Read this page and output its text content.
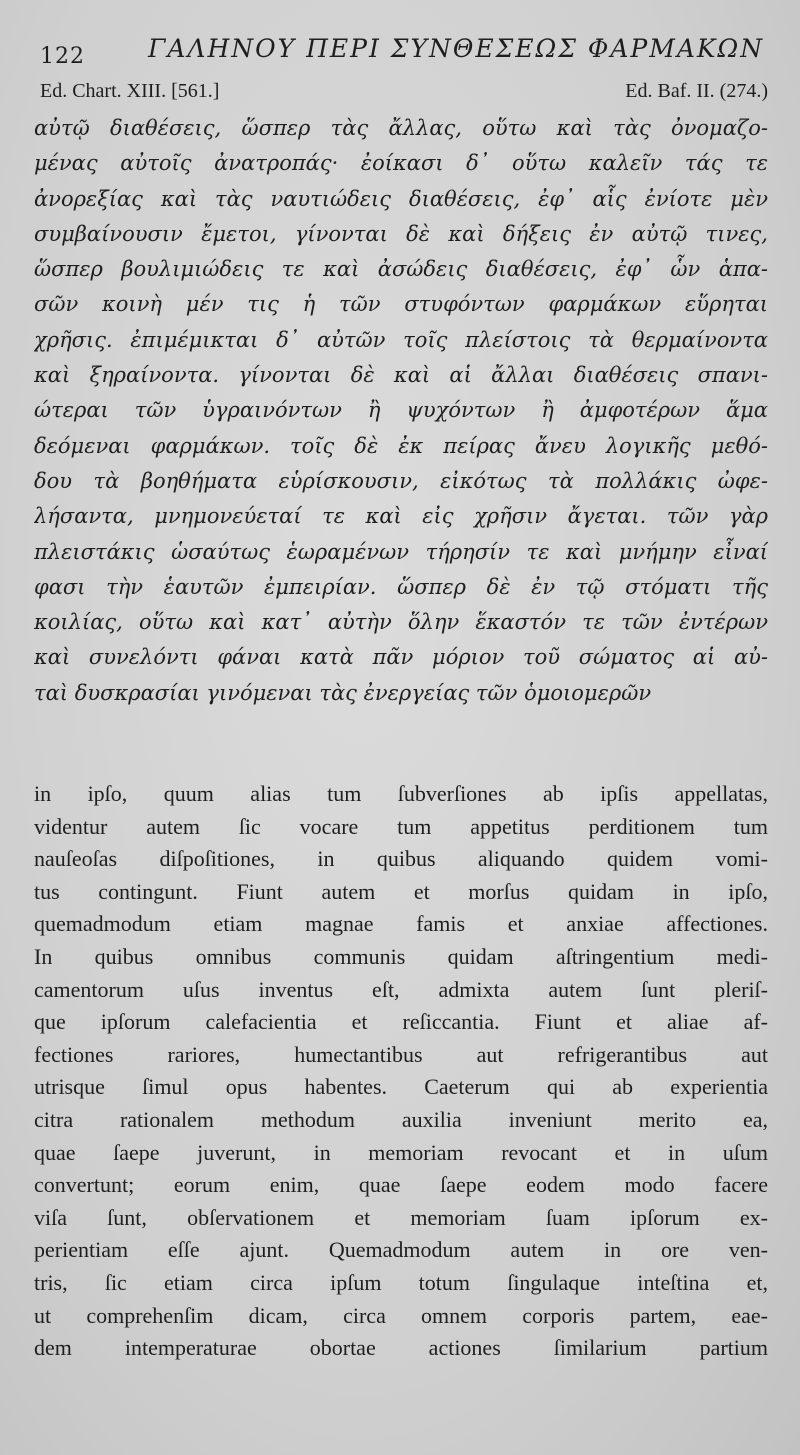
122	ΓΑΛΗΝΟΥ ΠΕΡΙ ΣΥΝΘΕΣΕΩΣ ΦΑΡΜΑΚΩΝ
Ed. Chart. XIII. [561.]	Ed. Baf. II. (274.)
αὐτῷ διαθέσεις, ὥσπερ τὰς ἄλλας, οὕτω καὶ τὰς ὀνομαζο-
μένας αὐτοῖς ἀνατροπάς· ἐοίκασι δ᾽ οὕτω καλεῖν τάς τε
ἀνορεξίας καὶ τὰς ναυτιώδεις διαθέσεις, ἐφ᾽ αἷς ἐνίοτε μὲν
συμβαίνουσιν ἔμετοι, γίνονται δὲ καὶ δήξεις ἐν αὐτῷ τινες,
ὥσπερ βουλιμιώδεις τε καὶ ἀσώδεις διαθέσεις, ἐφ᾽ ὧν ἁπα-
σῶν κοινὴ μέν τις ἡ τῶν στυφόντων φαρμάκων εὕρηται
χρῆσις. ἐπιμέμικται δ᾽ αὐτῶν τοῖς πλείστοις τὰ θερμαίνοντα
καὶ ξηραίνοντα. γίνονται δὲ καὶ αἱ ἄλλαι διαθέσεις σπανι-
ώτεραι τῶν ὑγραινόντων ἢ ψυχόντων ἢ ἀμφοτέρων ἅμα
δεόμεναι φαρμάκων. τοῖς δὲ ἐκ πείρας ἄνευ λογικῆς μεθό-
δου τὰ βοηθήματα εὑρίσκουσιν, εἰκότως τὰ πολλάκις ὠφε-
λήσαντα, μνημονεύεταί τε καὶ εἰς χρῆσιν ἄγεται. τῶν γὰρ
πλειστάκις ὡσαύτως ἑωραμένων τήρησίν τε καὶ μνήμην εἶναί
φασι τὴν ἑαυτῶν ἐμπειρίαν. ὥσπερ δὲ ἐν τῷ στόματι τῆς
κοιλίας, οὕτω καὶ κατ᾽ αὐτὴν ὅλην ἕκαστόν τε τῶν ἐντέρων
καὶ συνελόντι φάναι κατὰ πᾶν μόριον τοῦ σώματος αἱ αὐ-
ταὶ δυσκρασίαι γινόμεναι τὰς ἐνεργείας τῶν ὁμοιομερῶν
in ipſo, quum alias tum ſubverſiones ab ipſis appellatas,
videntur autem ſic vocare tum appetitus perditionem tum
nauſeoſas diſpoſitiones, in quibus aliquando quidem vomi-
tus contingunt. Fiunt autem et morſus quidam in ipſo,
quemadmodum etiam magnae famis et anxiae affectiones.
In quibus omnibus communis quidam aſtringentium medi-
camentorum uſus inventus eſt, admixta autem ſunt pleriſ-
que ipſorum calefacientia et reſiccantia. Fiunt et aliae af-
fectiones rariores, humectantibus aut refrigerantibus aut
utrisque ſimul opus habentes. Caeterum qui ab experientia
citra rationalem methodum auxilia inveniunt merito ea,
quae ſaepe juverunt, in memoriam revocant et in uſum
convertunt; eorum enim, quae ſaepe eodem modo facere
viſa ſunt, obſervationem et memoriam ſuam ipſorum ex-
perientiam eſſe ajunt. Quemadmodum autem in ore ven-
tris, ſic etiam circa ipſum totum ſingulaque inteſtina et,
ut comprehenſim dicam, circa omnem corporis partem, eae-
dem intemperaturae obortae actiones ſimilarium partium
